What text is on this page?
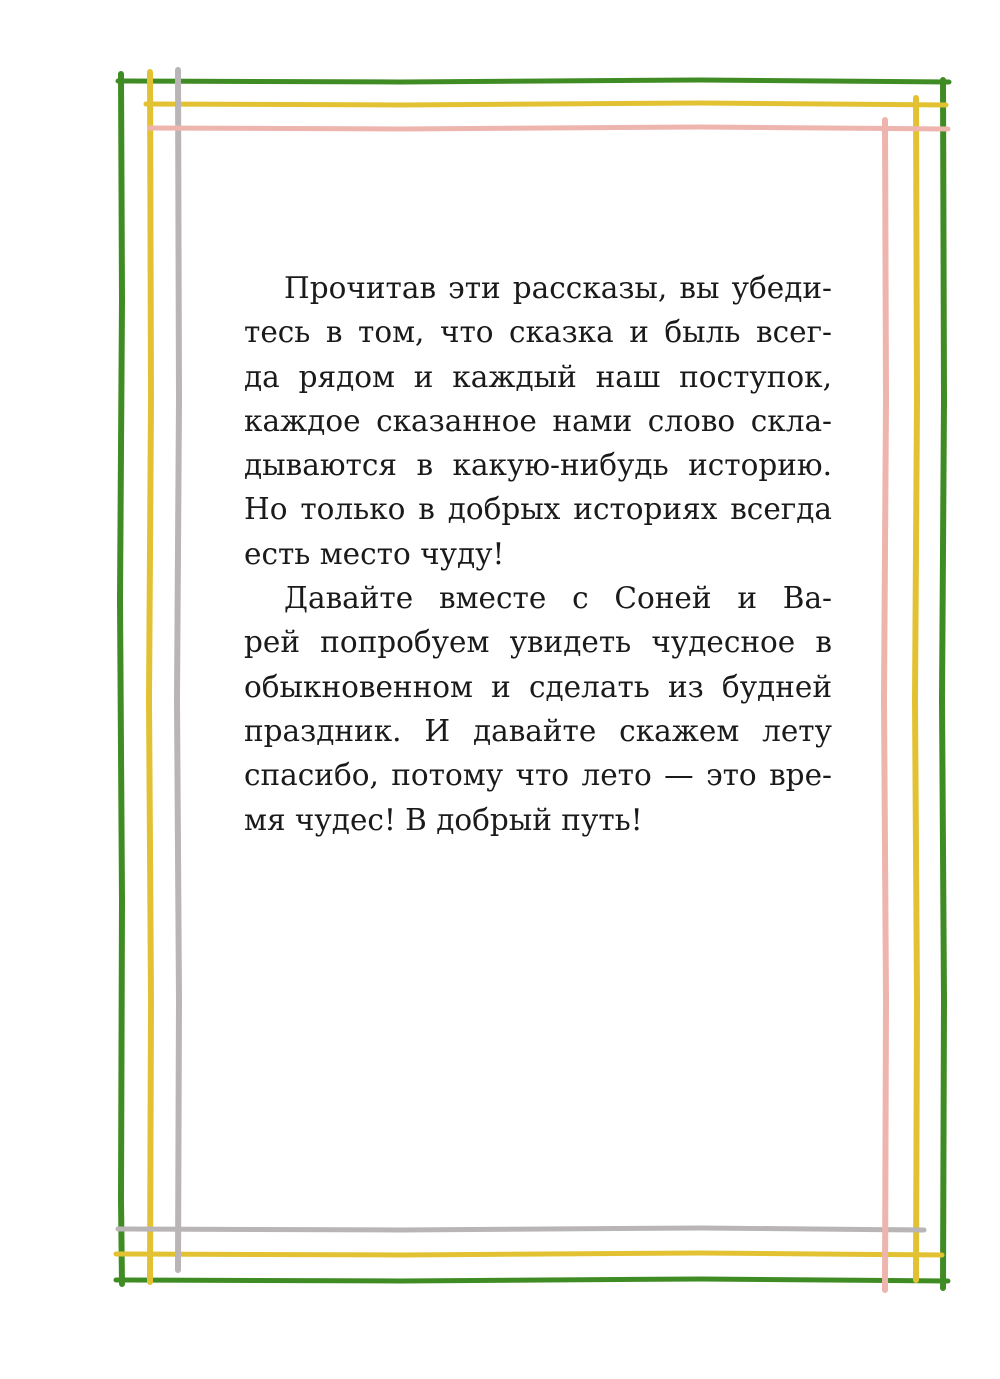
Прочитав эти рассказы, вы убеди-
тесь в том, что сказка и быль всег-
да рядом и каждый наш поступок,
каждое сказанное нами слово скла-
дываются в какую-нибудь историю.
Но только в добрых историях всегда
есть место чуду!
Давайте вместе с Соней и Ва-
рей попробуем увидеть чудесное в
обыкновенном и сделать из будней
праздник. И давайте скажем лету
спасибо, потому что лето — это вре-
мя чудес! В добрый путь!
